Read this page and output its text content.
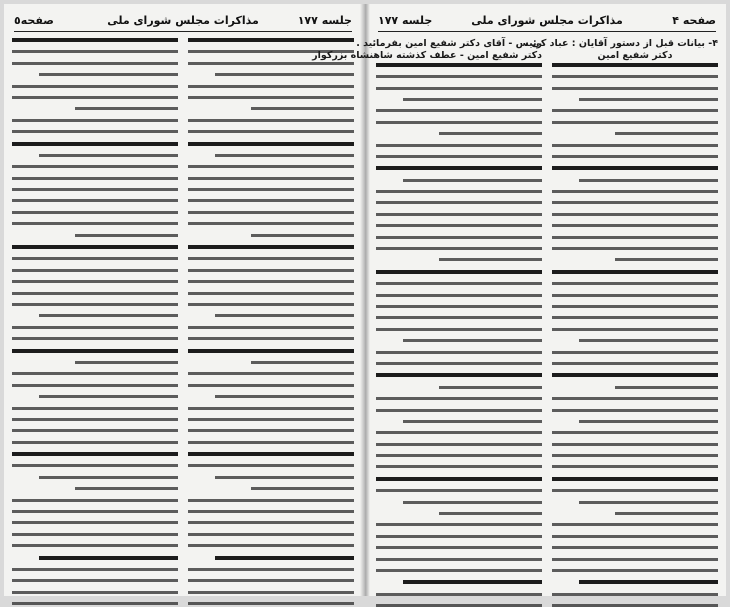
صفحه٥	مذاكرات مجلس شوراى ملى	جلسه ۱۷۷	صفحه ۴
مذاكرات مجلس شوراى ملى
جلسه ۱۷۷
۴- بيانات قبل از دستور آقايان : عباد كى ،
دكتر شفيع امين
رئيس - آقاى دكتر شفيع امين بفرمائيد .
دكتر شفيع امين - عطف كذشته شاهنشاه بزركوار
